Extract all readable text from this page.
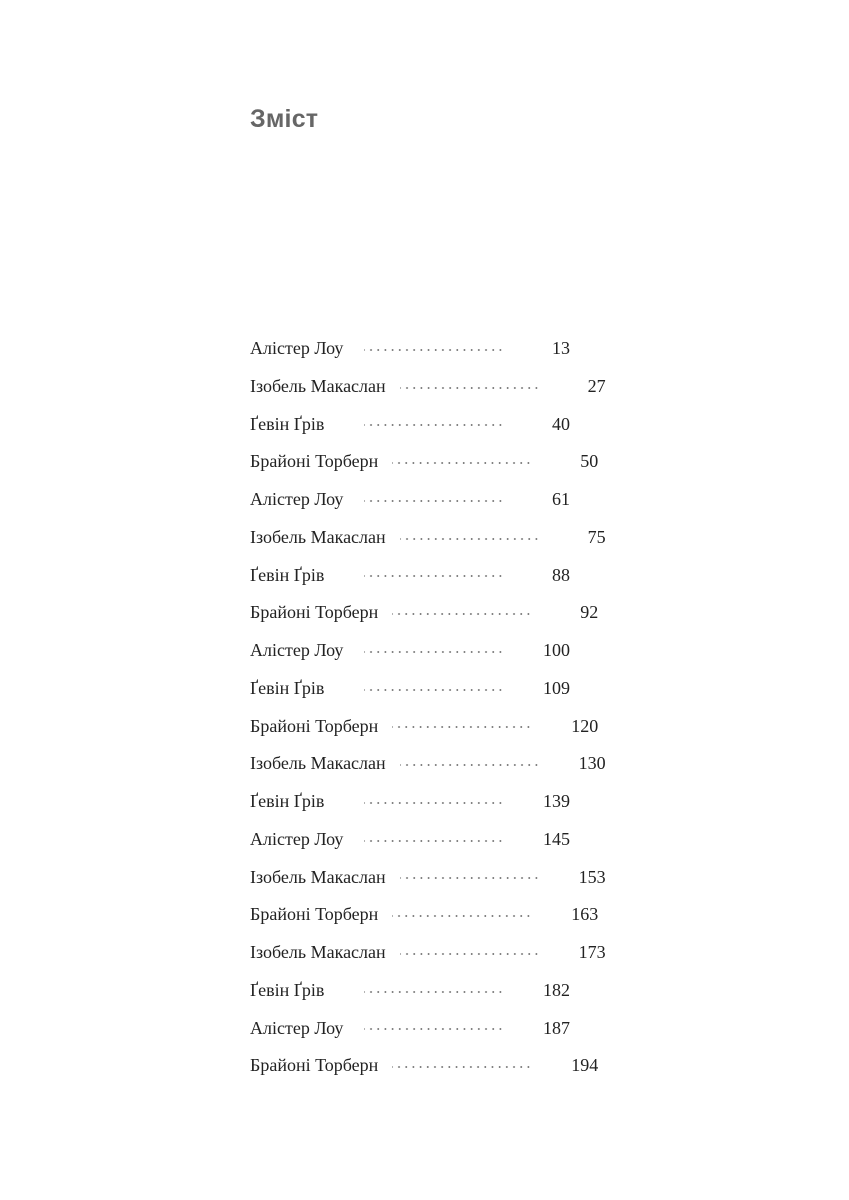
Зміст
Алістер Лоу	13
Ізобель Макаслан	27
Ґевін Ґрів	40
Брайоні Торберн	50
Алістер Лоу	61
Ізобель Макаслан	75
Ґевін Ґрів	88
Брайоні Торберн	92
Алістер Лоу	100
Ґевін Ґрів	109
Брайоні Торберн	120
Ізобель Макаслан	130
Ґевін Ґрів	139
Алістер Лоу	145
Ізобель Макаслан	153
Брайоні Торберн	163
Ізобель Макаслан	173
Ґевін Ґрів	182
Алістер Лоу	187
Брайоні Торберн	194
